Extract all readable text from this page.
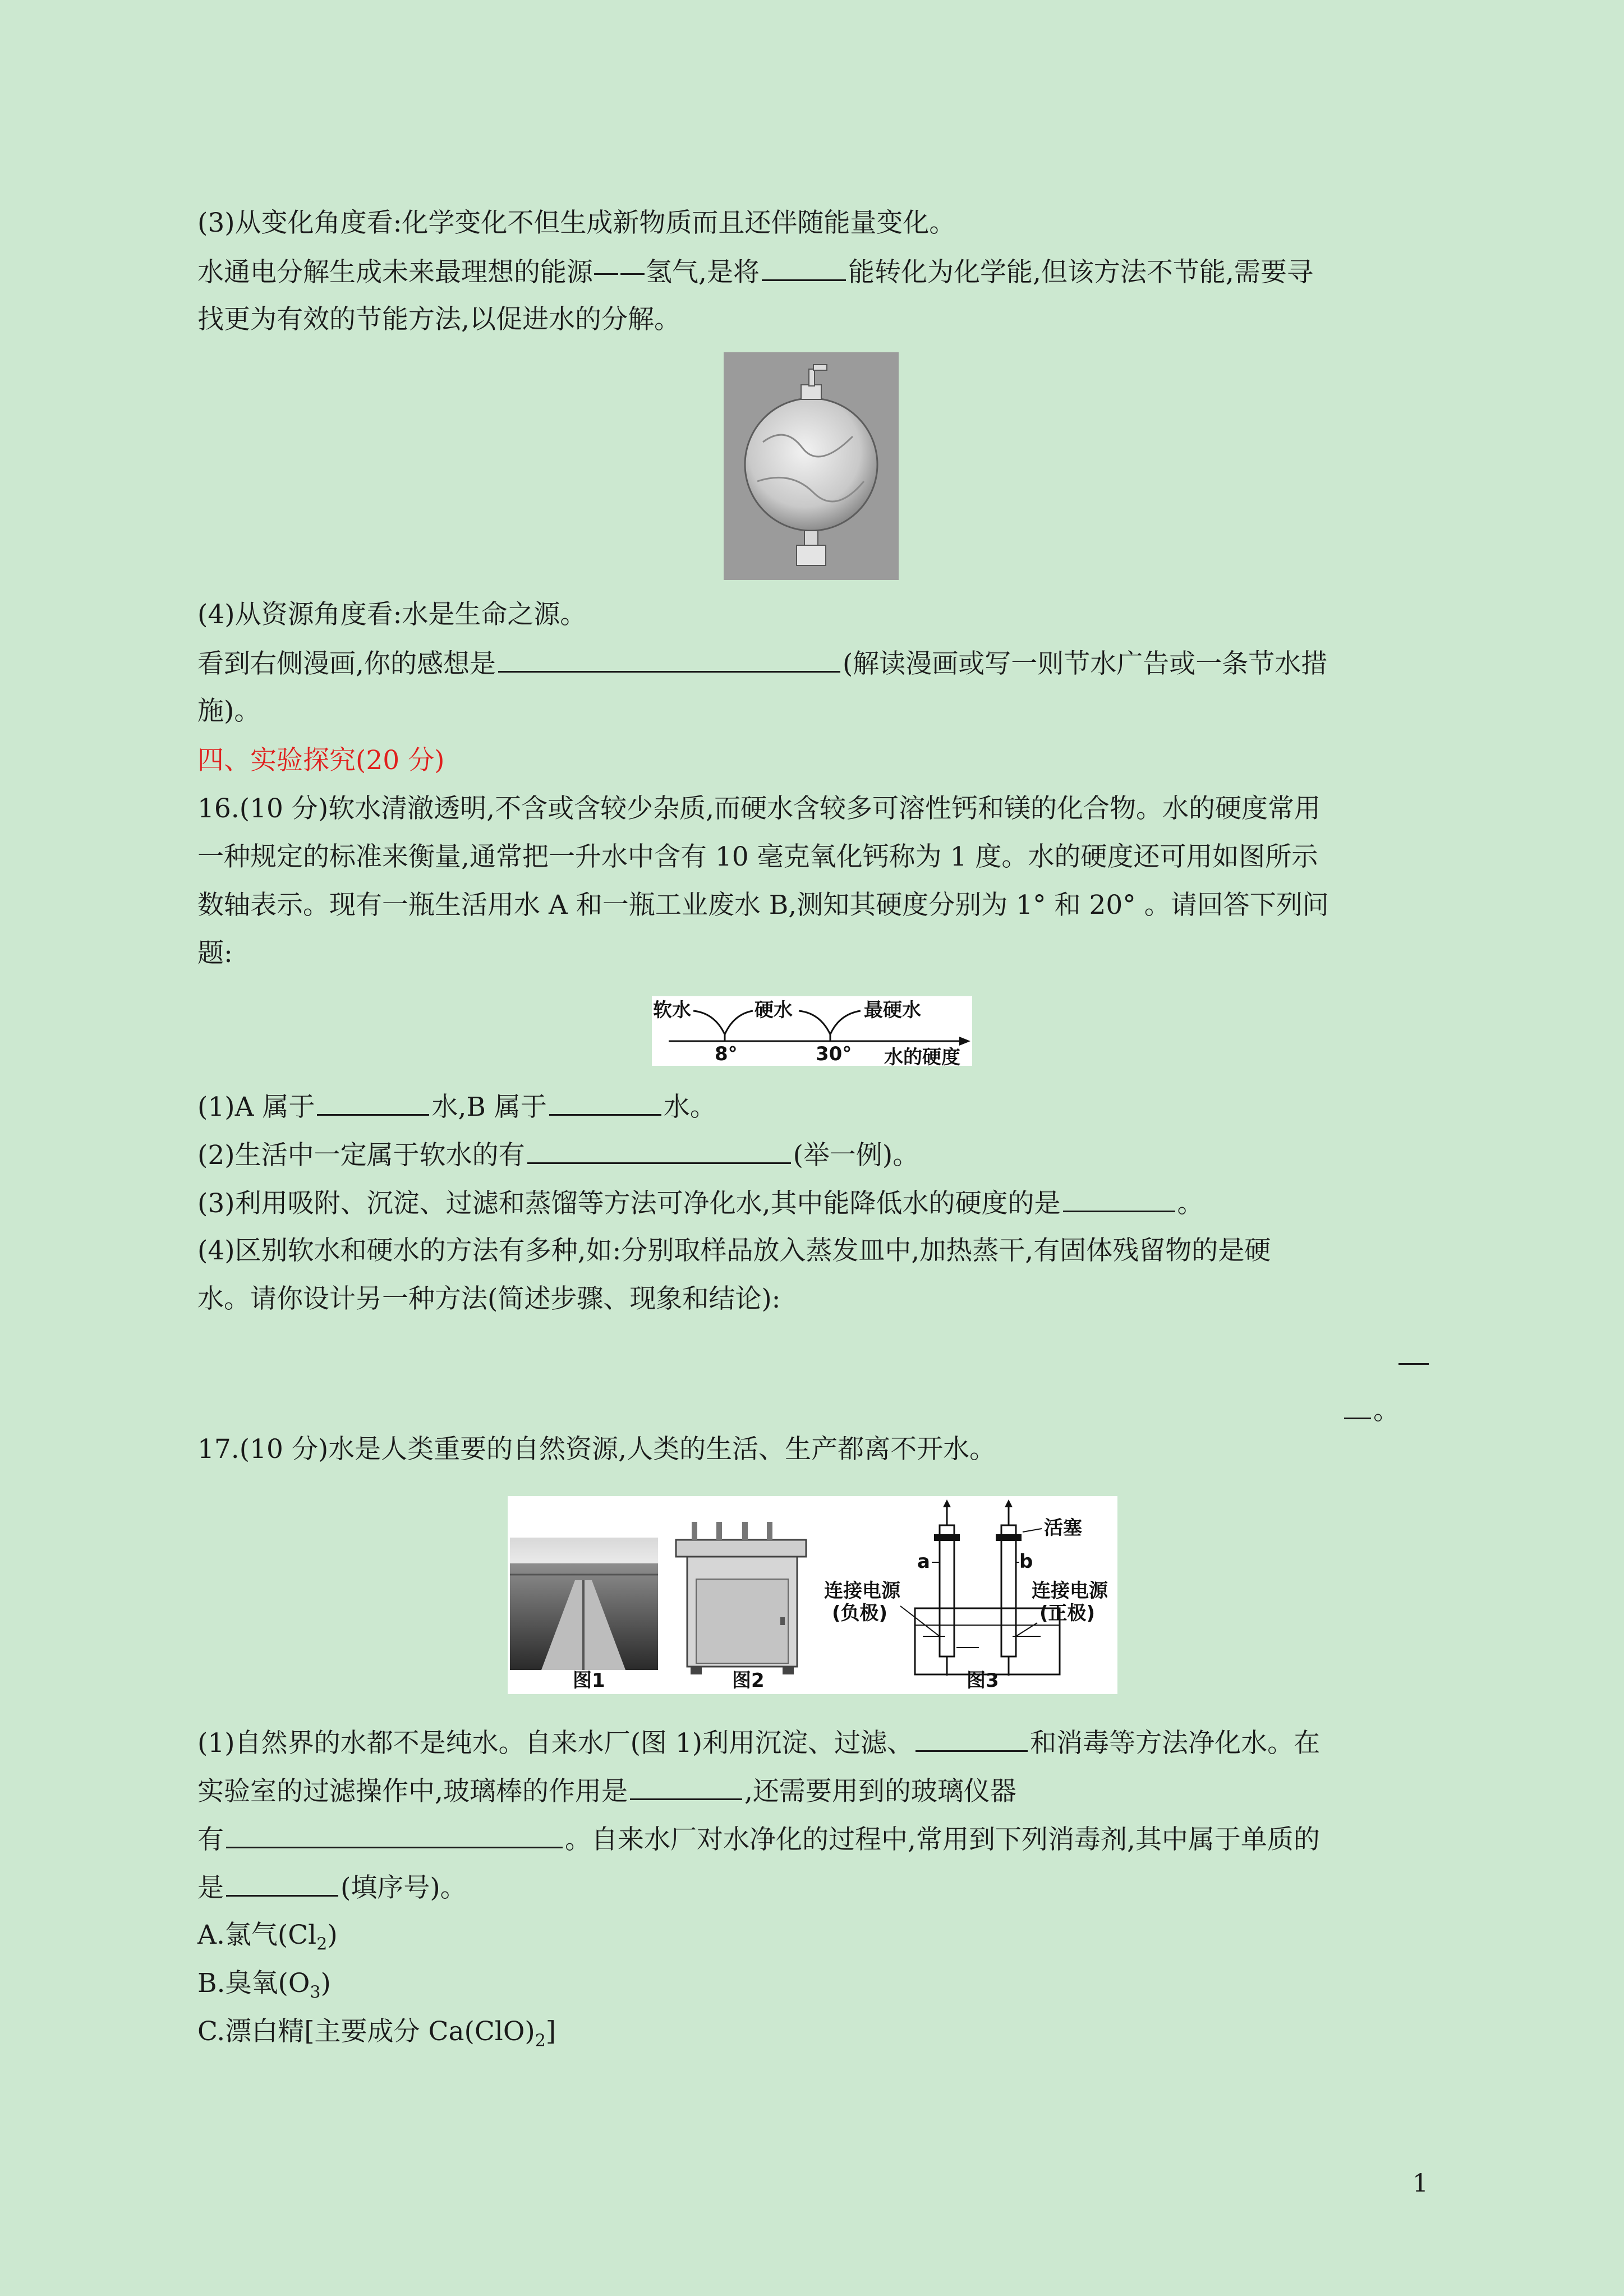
(3)从变化角度看:化学变化不但生成新物质而且还伴随能量变化。
水通电分解生成未来最理想的能源——氢气,是将	能转化为化学能,但该方法不节能,需要寻
找更为有效的节能方法,以促进水的分解。
(4)从资源角度看:水是生命之源。
看到右侧漫画,你的感想是	(解读漫画或写一则节水广告或一条节水措
施)。
四、实验探究(20 分)
16.(10 分)软水清澈透明,不含或含较少杂质,而硬水含较多可溶性钙和镁的化合物。水的硬度常用
一种规定的标准来衡量,通常把一升水中含有 10 毫克氧化钙称为 1 度。水的硬度还可用如图所示
数轴表示。现有一瓶生活用水 A 和一瓶工业废水 B,测知其硬度分别为 1° 和 20° 。请回答下列问
题:
软水	硬水	最硬水
8°	30° 水的硬度
(1)A 属于	水,B 属于	水。
(2)生活中一定属于软水的有	(举一例)。
(3)利用吸附、沉淀、过滤和蒸馏等方法可净化水,其中能降低水的硬度的是	。
(4)区别软水和硬水的方法有多种,如:分别取样品放入蒸发皿中,加热蒸干,有固体残留物的是硬
水。请你设计另一种方法(简述步骤、现象和结论):
。
17.(10 分)水是人类重要的自然资源,人类的生活、生产都离不开水。
图1	图2
活塞
a	b
连接电源
(负极)
连接电源
(正极)
图3
(1)自然界的水都不是纯水。自来水厂(图 1)利用沉淀、过滤、	和消毒等方法净化水。在
实验室的过滤操作中,玻璃棒的作用是	,还需要用到的玻璃仪器
有	。自来水厂对水净化的过程中,常用到下列消毒剂,其中属于单质的
是	(填序号)。
A.氯气$(Cl_2)$
B.臭氧$(O_3)$
C.漂白精[主要成分 $Ca(ClO)_2$]
1
